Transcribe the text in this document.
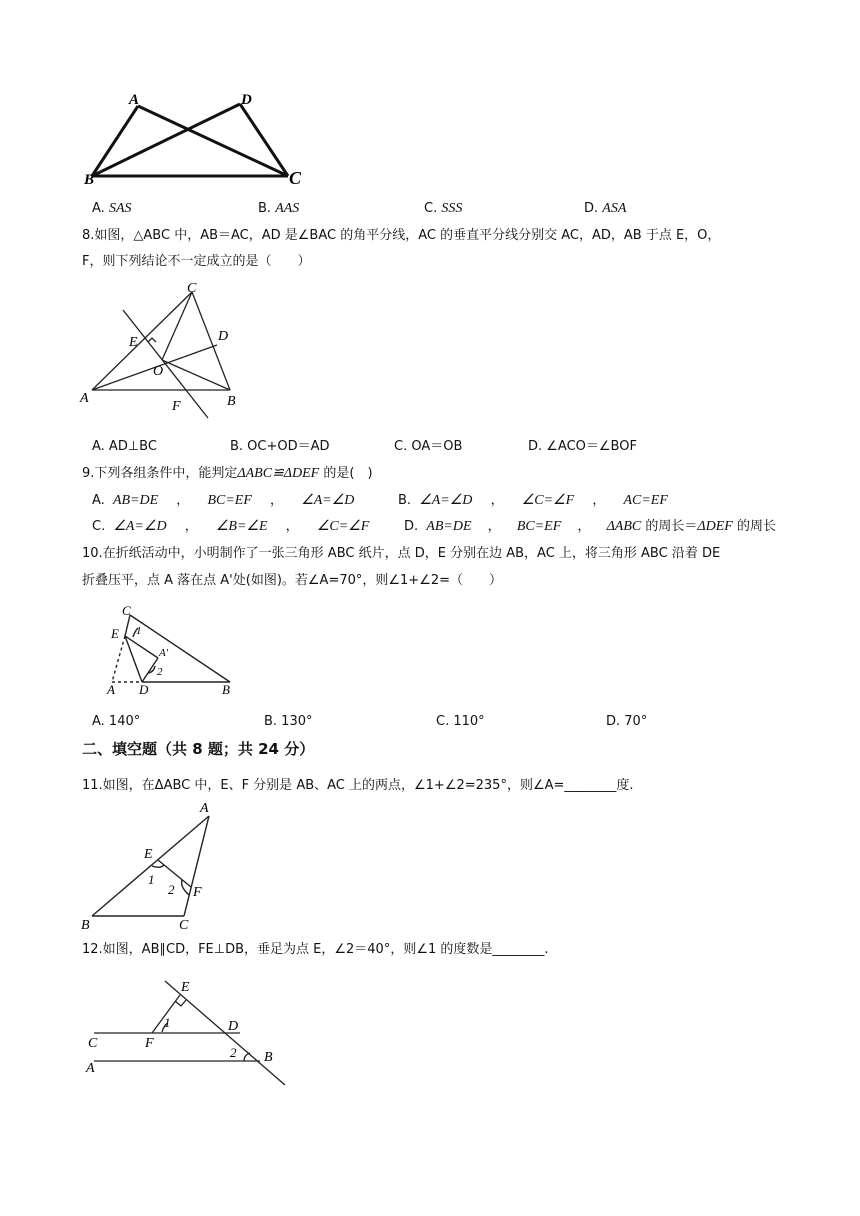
A	D
B	C
A. SAS	B. AAS	C. SSS	D. ASA
8.如图，△ABC 中，AB＝AC，AD 是∠BAC 的角平分线，AC 的垂直平分线分别交 AC，AD，AB 于点 E，O，
F，则下列结论不一定成立的是（　　）
C
D
E
O
A
F	B
A. AD⊥BC	B. OC+OD＝AD	C. OA＝OB	D. ∠ACO＝∠BOF
9.下列各组条件中，能判定ΔABC≌ΔDEF 的是(　)
A. AB=DE ， BC=EF ， ∠A=∠D	B. ∠A=∠D ， ∠C=∠F ， AC=EF
C. ∠A=∠D ， ∠B=∠E ， ∠C=∠F	D. AB=DE ， BC=EF ， ΔABC 的周长＝ΔDEF 的周长
10.在折纸活动中，小明制作了一张三角形 ABC 纸片，点 D，E 分别在边 AB，AC 上，将三角形 ABC 沿着 DE
折叠压平，点 A 落在点 A'处(如图)。若∠A=70°，则∠1+∠2=（　　）
C
E 1
A'
2
A D	B
A. 140°	B. 130°	C. 110°	D. 70°
二、填空题（共 8 题；共 24 分）
11.如图，在ΔABC 中，E、F 分别是 AB、AC 上的两点，∠1+∠2=235°，则∠A=________度.
A
E
1
2 F
B	C
12.如图，AB∥CD，FE⊥DB，垂足为点 E，∠2＝40°，则∠1 的度数是________.
E
1	D
C	F
2 B
A
